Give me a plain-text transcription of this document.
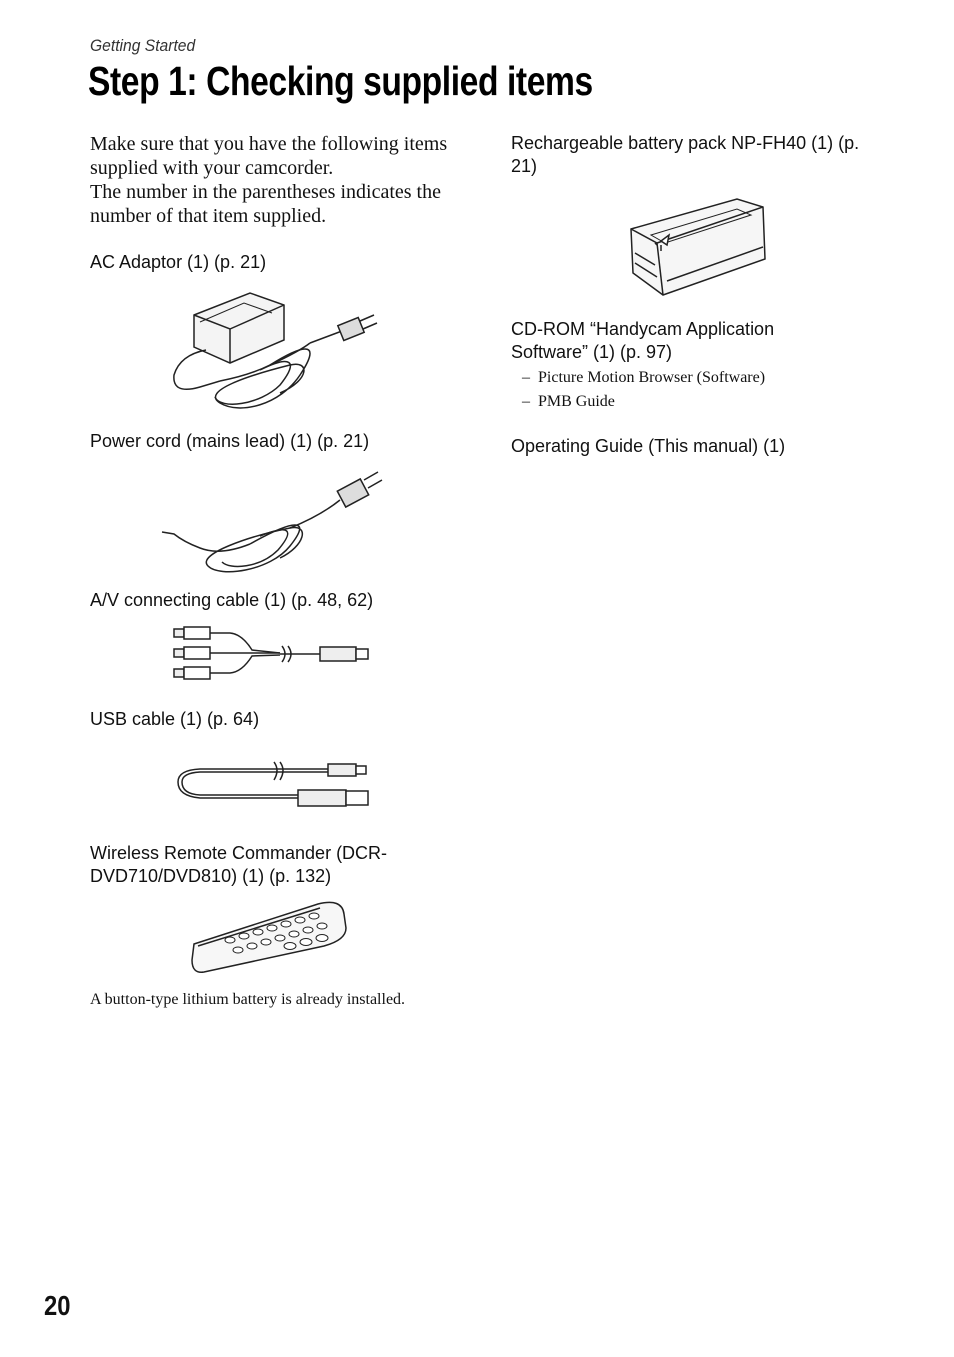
Getting Started
Step 1: Checking supplied items

Make sure that you have the following items supplied with your camcorder.
The number in the parentheses indicates the number of that item supplied.

AC Adaptor (1) (p. 21)

Power cord (mains lead) (1) (p. 21)

A/V connecting cable (1) (p. 48, 62)

USB cable (1) (p. 64)

Wireless Remote Commander (DCR-DVD710/DVD810) (1) (p. 132)

A button-type lithium battery is already installed.

Rechargeable battery pack NP-FH40 (1) (p. 21)

CD-ROM “Handycam Application Software” (1) (p. 97)

–  Picture Motion Browser (Software)
–  PMB Guide

Operating Guide (This manual) (1)

20
